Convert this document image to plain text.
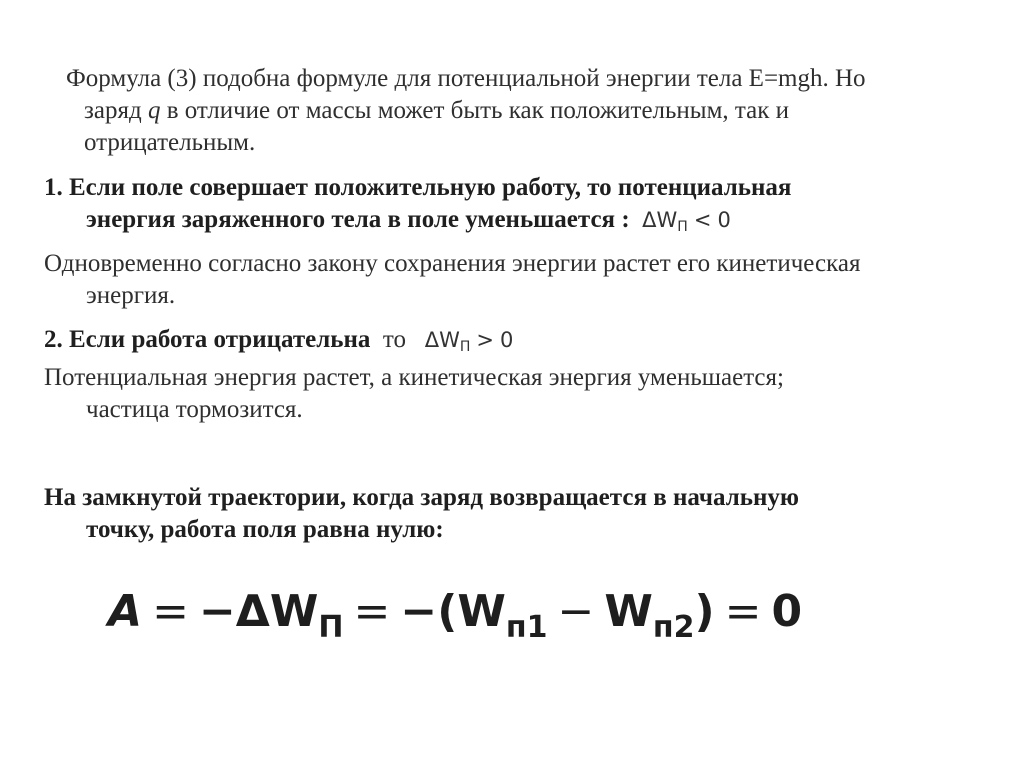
Формула (3) подобна формуле для потенциальной энергии тела E=mgh. Но
заряд q в отличие от массы может быть как положительным, так и
отрицательным.

1. Если поле совершает положительную работу, то потенциальная
энергия заряженного тела в поле уменьшается : ΔWП < 0

Одновременно согласно закону сохранения энергии растет его кинетическая
энергия.

2. Если работа отрицательна то ΔWП > 0

Потенциальная энергия растет, а кинетическая энергия уменьшается;
частица тормозится.

На замкнутой траектории, когда заряд возвращается в начальную
точку, работа поля равна нулю:

$A = -\Delta W_П = -(W_{п1} - W_{п2}) = 0$
